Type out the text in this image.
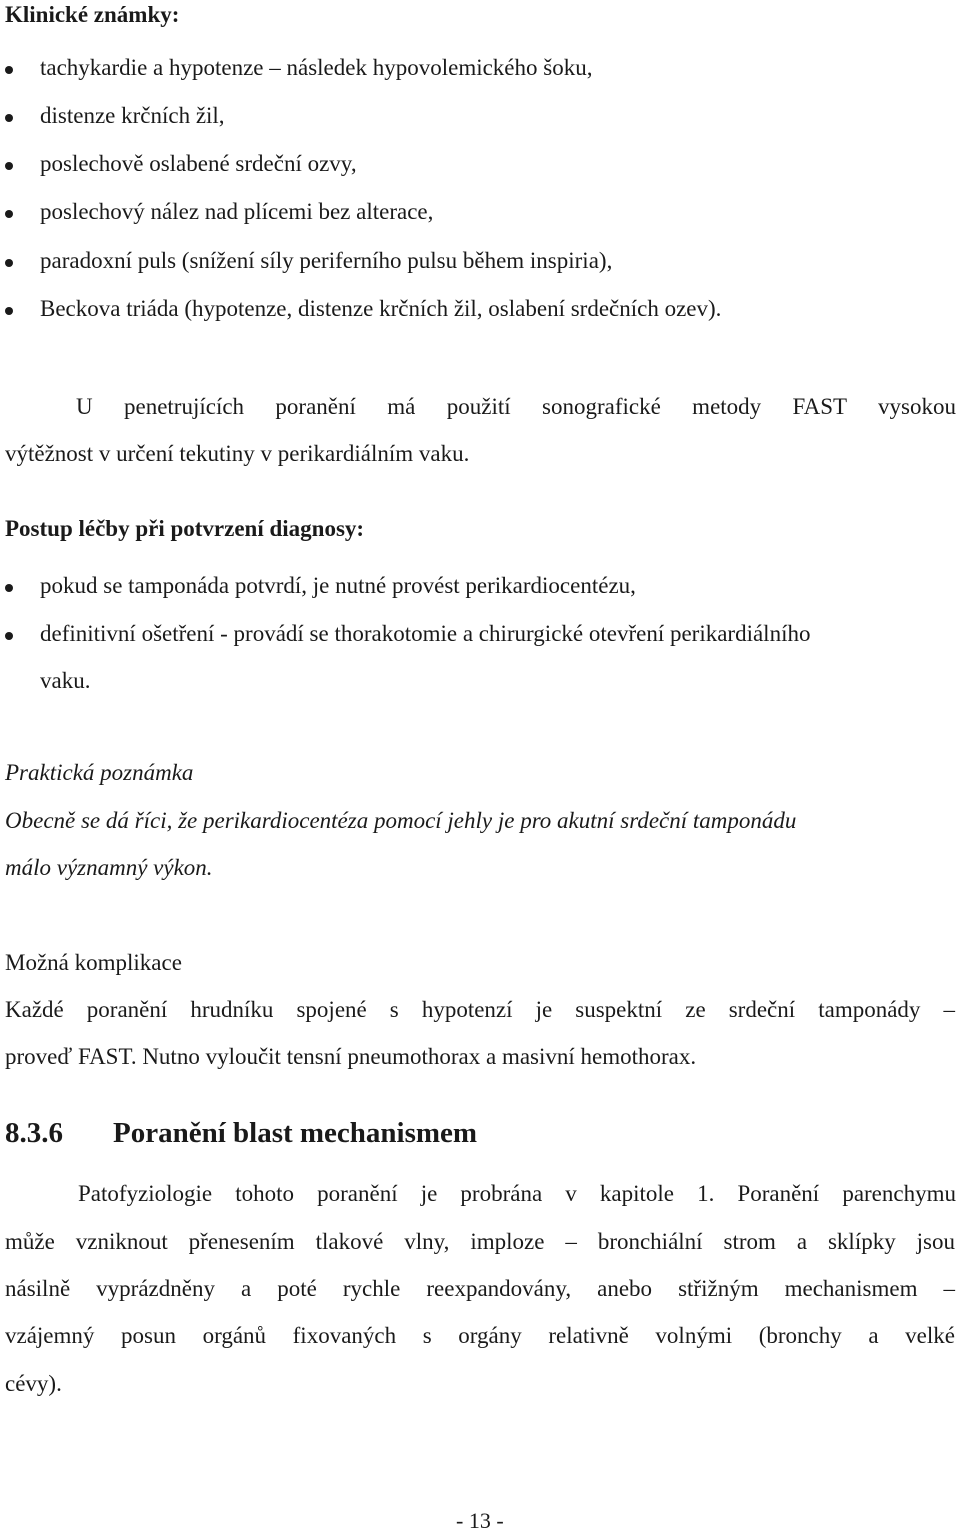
Klinické známky:
tachykardie a hypotenze – následek hypovolemického šoku,
distenze krčních žil,
poslechově oslabené srdeční ozvy,
poslechový nález nad plícemi bez alterace,
paradoxní puls (snížení síly periferního pulsu během inspiria),
Beckova triáda (hypotenze, distenze krčních žil, oslabení srdečních ozev).
U penetrujících poranění má použití sonografické metody FAST vysokou
výtěžnost v určení tekutiny v perikardiálním vaku.
Postup léčby při potvrzení diagnosy:
pokud se tamponáda potvrdí, je nutné provést perikardiocentézu,
definitivní ošetření - provádí se thorakotomie a chirurgické otevření perikardiálního
vaku.
Praktická poznámka
Obecně se dá říci, že perikardiocentéza pomocí jehly je pro akutní srdeční tamponádu
málo významný výkon.
Možná komplikace
Každé poranění hrudníku spojené s hypotenzí je suspektní ze srdeční tamponády –
proveď FAST. Nutno vyloučit tensní pneumothorax a masivní hemothorax.
8.3.6 Poranění blast mechanismem
Patofyziologie tohoto poranění je probrána v kapitole 1. Poranění parenchymu
může vzniknout přenesením tlakové vlny, imploze – bronchiální strom a sklípky jsou
násilně vyprázdněny a poté rychle reexpandovány, anebo střižným mechanismem –
vzájemný posun orgánů fixovaných s orgány relativně volnými (bronchy a velké
cévy).
- 13 -
